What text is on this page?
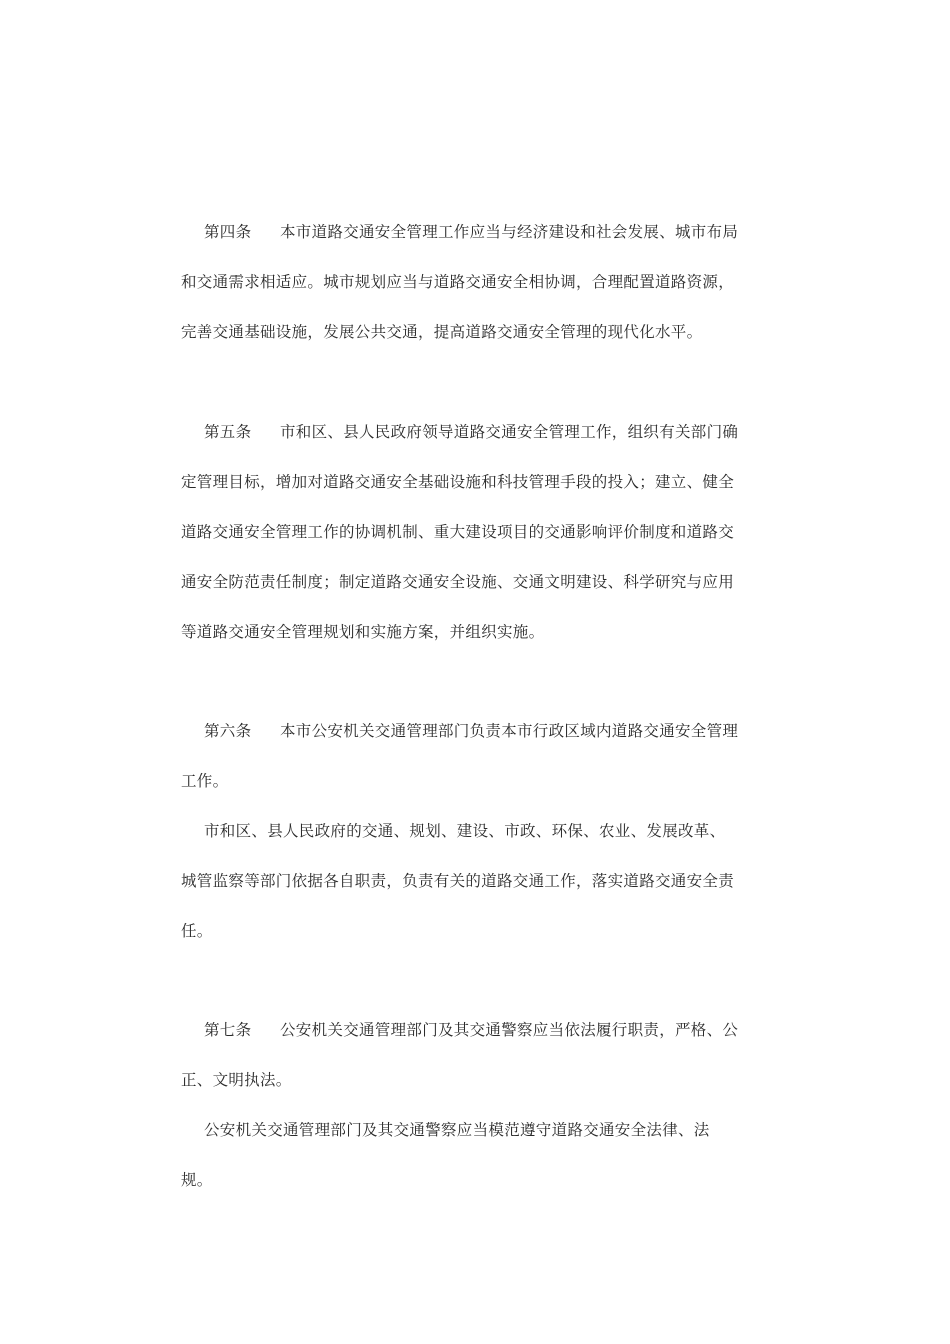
第四条 本市道路交通安全管理工作应当与经济建设和社会发展、城市布局
和交通需求相适应。城市规划应当与道路交通安全相协调，合理配置道路资源，
完善交通基础设施，发展公共交通，提高道路交通安全管理的现代化水平。
第五条 市和区、县人民政府领导道路交通安全管理工作，组织有关部门确
定管理目标，增加对道路交通安全基础设施和科技管理手段的投入；建立、健全
道路交通安全管理工作的协调机制、重大建设项目的交通影响评价制度和道路交
通安全防范责任制度；制定道路交通安全设施、交通文明建设、科学研究与应用
等道路交通安全管理规划和实施方案，并组织实施。
第六条 本市公安机关交通管理部门负责本市行政区域内道路交通安全管理
工作。
市和区、县人民政府的交通、规划、建设、市政、环保、农业、发展改革、
城管监察等部门依据各自职责，负责有关的道路交通工作，落实道路交通安全责
任。
第七条 公安机关交通管理部门及其交通警察应当依法履行职责，严格、公
正、文明执法。
公安机关交通管理部门及其交通警察应当模范遵守道路交通安全法律、法
规。
